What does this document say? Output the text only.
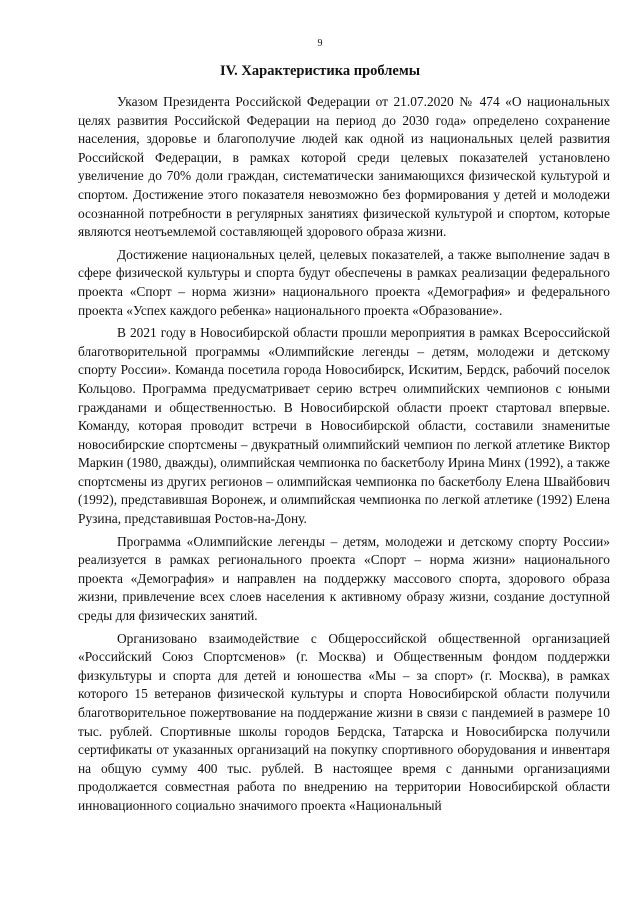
9
IV. Характеристика проблемы

Указом Президента Российской Федерации от 21.07.2020 № 474 «О национальных целях развития Российской Федерации на период до 2030 года» определено сохранение населения, здоровье и благополучие людей как одной из национальных целей развития Российской Федерации, в рамках которой среди целевых показателей установлено увеличение до 70% доли граждан, систематически занимающихся физической культурой и спортом. Достижение этого показателя невозможно без формирования у детей и молодежи осознанной потребности в регулярных занятиях физической культурой и спортом, которые являются неотъемлемой составляющей здорового образа жизни.

Достижение национальных целей, целевых показателей, а также выполнение задач в сфере физической культуры и спорта будут обеспечены в рамках реализации федерального проекта «Спорт – норма жизни» национального проекта «Демография» и федерального проекта «Успех каждого ребенка» национального проекта «Образование».

В 2021 году в Новосибирской области прошли мероприятия в рамках Всероссийской благотворительной программы «Олимпийские легенды – детям, молодежи и детскому спорту России». Команда посетила города Новосибирск, Искитим, Бердск, рабочий поселок Кольцово. Программа предусматривает серию встреч олимпийских чемпионов с юными гражданами и общественностью. В Новосибирской области проект стартовал впервые. Команду, которая проводит встречи в Новосибирской области, составили знаменитые новосибирские спортсмены – двукратный олимпийский чемпион по легкой атлетике Виктор Маркин (1980, дважды), олимпийская чемпионка по баскетболу Ирина Минх (1992), а также спортсмены из других регионов – олимпийская чемпионка по баскетболу Елена Швайбович (1992), представившая Воронеж, и олимпийская чемпионка по легкой атлетике (1992) Елена Рузина, представившая Ростов-на-Дону.

Программа «Олимпийские легенды – детям, молодежи и детскому спорту России» реализуется в рамках регионального проекта «Спорт – норма жизни» национального проекта «Демография» и направлен на поддержку массового спорта, здорового образа жизни, привлечение всех слоев населения к активному образу жизни, создание доступной среды для физических занятий.

Организовано взаимодействие с Общероссийской общественной организацией «Российский Союз Спортсменов» (г. Москва) и Общественным фондом поддержки физкультуры и спорта для детей и юношества «Мы – за спорт» (г. Москва), в рамках которого 15 ветеранов физической культуры и спорта Новосибирской области получили благотворительное пожертвование на поддержание жизни в связи с пандемией в размере 10 тыс. рублей. Спортивные школы городов Бердска, Татарска и Новосибирска получили сертификаты от указанных организаций на покупку спортивного оборудования и инвентаря на общую сумму 400 тыс. рублей. В настоящее время с данными организациями продолжается совместная работа по внедрению на территории Новосибирской области инновационного социально значимого проекта «Национальный
